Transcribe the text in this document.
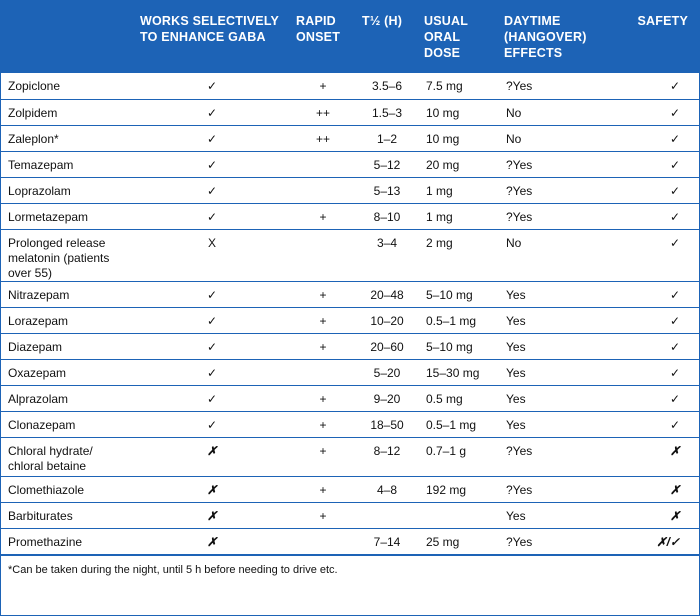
	WORKS SELECTIVELY TO ENHANCE GABA	RAPID ONSET	T½ (H)	USUAL ORAL DOSE	DAYTIME (HANGOVER) EFFECTS	SAFETY
Zopiclone	✓	+	3.5–6	7.5 mg	?Yes	✓
Zolpidem	✓	++	1.5–3	10 mg	No	✓
Zaleplon*	✓	++	1–2	10 mg	No	✓
Temazepam	✓		5–12	20 mg	?Yes	✓
Loprazolam	✓		5–13	1 mg	?Yes	✓
Lormetazepam	✓	+	8–10	1 mg	?Yes	✓
Prolonged release melatonin (patients over 55)	X		3–4	2 mg	No	✓
Nitrazepam	✓	+	20–48	5–10 mg	Yes	✓
Lorazepam	✓	+	10–20	0.5–1 mg	Yes	✓
Diazepam	✓	+	20–60	5–10 mg	Yes	✓
Oxazepam	✓		5–20	15–30 mg	Yes	✓
Alprazolam	✓	+	9–20	0.5 mg	Yes	✓
Clonazepam	✓	+	18–50	0.5–1 mg	Yes	✓
Chloral hydrate/ chloral betaine	✗	+	8–12	0.7–1 g	?Yes	✗
Clomethiazole	✗	+	4–8	192 mg	?Yes	✗
Barbiturates	✗	+			Yes	✗
Promethazine	✗		7–14	25 mg	?Yes	✗/✓
*Can be taken during the night, until 5 h before needing to drive etc.
